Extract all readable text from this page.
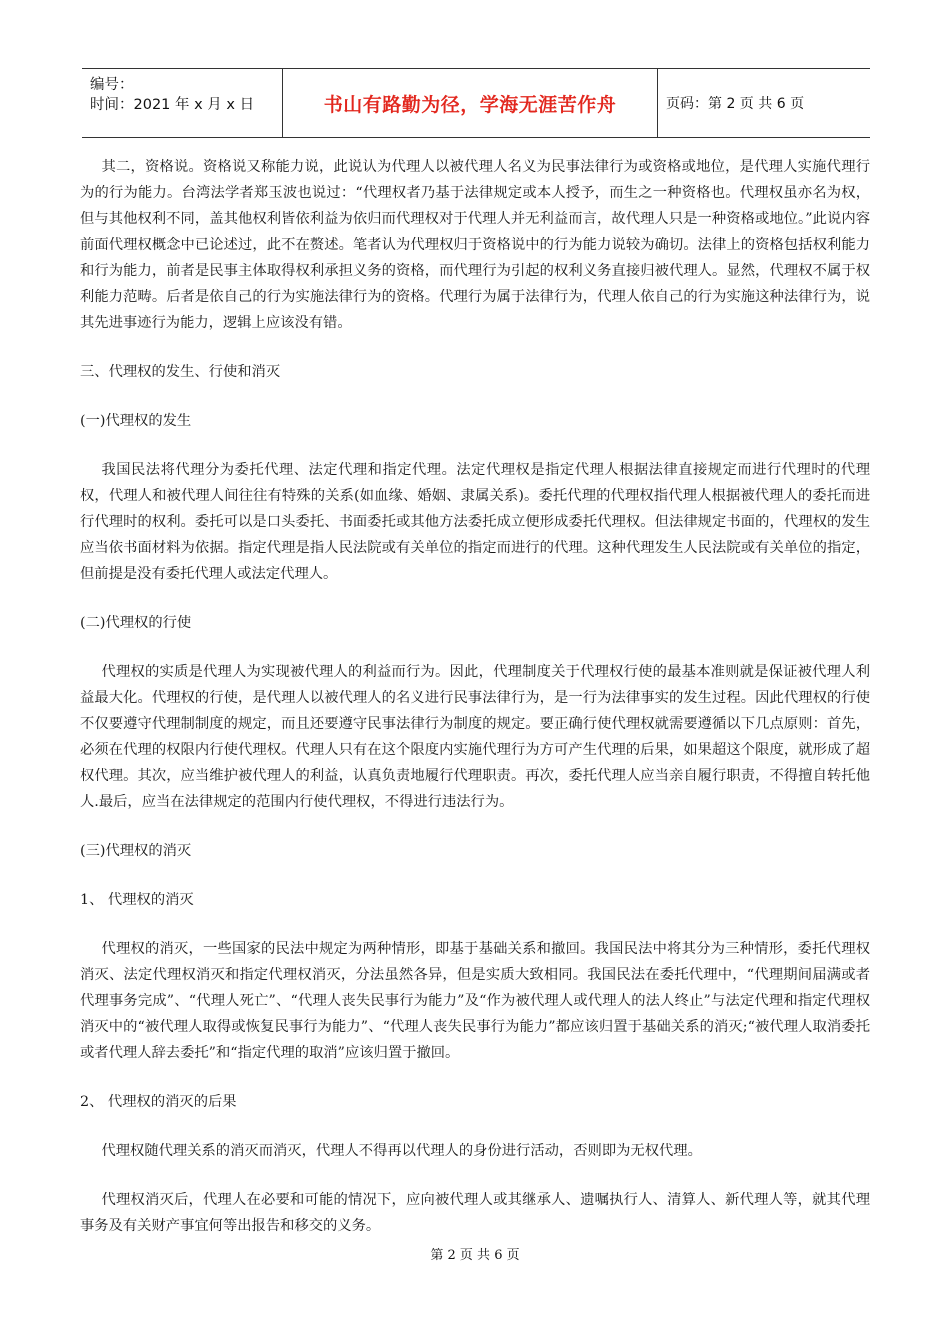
编号：
时间：2021 年 x 月 x 日	书山有路勤为径，学海无涯苦作舟	页码：第 2 页 共 6 页

其二，资格说。资格说又称能力说，此说认为代理人以被代理人名义为民事法律行为或资格或地位，是代理人实施代理行为的行为能力。台湾法学者郑玉波也说过：“代理权者乃基于法律规定或本人授予，而生之一种资格也。代理权虽亦名为权，但与其他权利不同，盖其他权利皆依利益为依归而代理权对于代理人并无利益而言，故代理人只是一种资格或地位。”此说内容前面代理权概念中已论述过，此不在赘述。笔者认为代理权归于资格说中的行为能力说较为确切。法律上的资格包括权利能力和行为能力，前者是民事主体取得权利承担义务的资格，而代理行为引起的权利义务直接归被代理人。显然，代理权不属于权利能力范畴。后者是依自己的行为实施法律行为的资格。代理行为属于法律行为，代理人依自己的行为实施这种法律行为，说其先进事迹行为能力，逻辑上应该没有错。

三、代理权的发生、行使和消灭
(一)代理权的发生

我国民法将代理分为委托代理、法定代理和指定代理。法定代理权是指定代理人根据法律直接规定而进行代理时的代理权，代理人和被代理人间往往有特殊的关系(如血缘、婚姻、隶属关系)。委托代理的代理权指代理人根据被代理人的委托而进行代理时的权利。委托可以是口头委托、书面委托或其他方法委托成立便形成委托代理权。但法律规定书面的，代理权的发生应当依书面材料为依据。指定代理是指人民法院或有关单位的指定而进行的代理。这种代理发生人民法院或有关单位的指定，但前提是没有委托代理人或法定代理人。

(二)代理权的行使

代理权的实质是代理人为实现被代理人的利益而行为。因此，代理制度关于代理权行使的最基本准则就是保证被代理人利益最大化。代理权的行使，是代理人以被代理人的名义进行民事法律行为，是一行为法律事实的发生过程。因此代理权的行使不仅要遵守代理制制度的规定，而且还要遵守民事法律行为制度的规定。要正确行使代理权就需要遵循以下几点原则：首先，必须在代理的权限内行使代理权。代理人只有在这个限度内实施代理行为方可产生代理的后果，如果超这个限度，就形成了超权代理。其次，应当维护被代理人的利益，认真负责地履行代理职责。再次，委托代理人应当亲自履行职责，不得擅自转托他人.最后，应当在法律规定的范围内行使代理权，不得进行违法行为。

(三)代理权的消灭
1、 代理权的消灭

代理权的消灭，一些国家的民法中规定为两种情形，即基于基础关系和撤回。我国民法中将其分为三种情形，委托代理权消灭、法定代理权消灭和指定代理权消灭，分法虽然各异，但是实质大致相同。我国民法在委托代理中，“代理期间届满或者代理事务完成”、“代理人死亡”、“代理人丧失民事行为能力”及“作为被代理人或代理人的法人终止”与法定代理和指定代理权消灭中的“被代理人取得或恢复民事行为能力”、“代理人丧失民事行为能力”都应该归置于基础关系的消灭;“被代理人取消委托或者代理人辞去委托”和“指定代理的取消”应该归置于撤回。

2、 代理权的消灭的后果

代理权随代理关系的消灭而消灭，代理人不得再以代理人的身份进行活动，否则即为无权代理。

代理权消灭后，代理人在必要和可能的情况下，应向被代理人或其继承人、遗嘱执行人、清算人、新代理人等，就其代理事务及有关财产事宜何等出报告和移交的义务。

第 2 页 共 6 页
